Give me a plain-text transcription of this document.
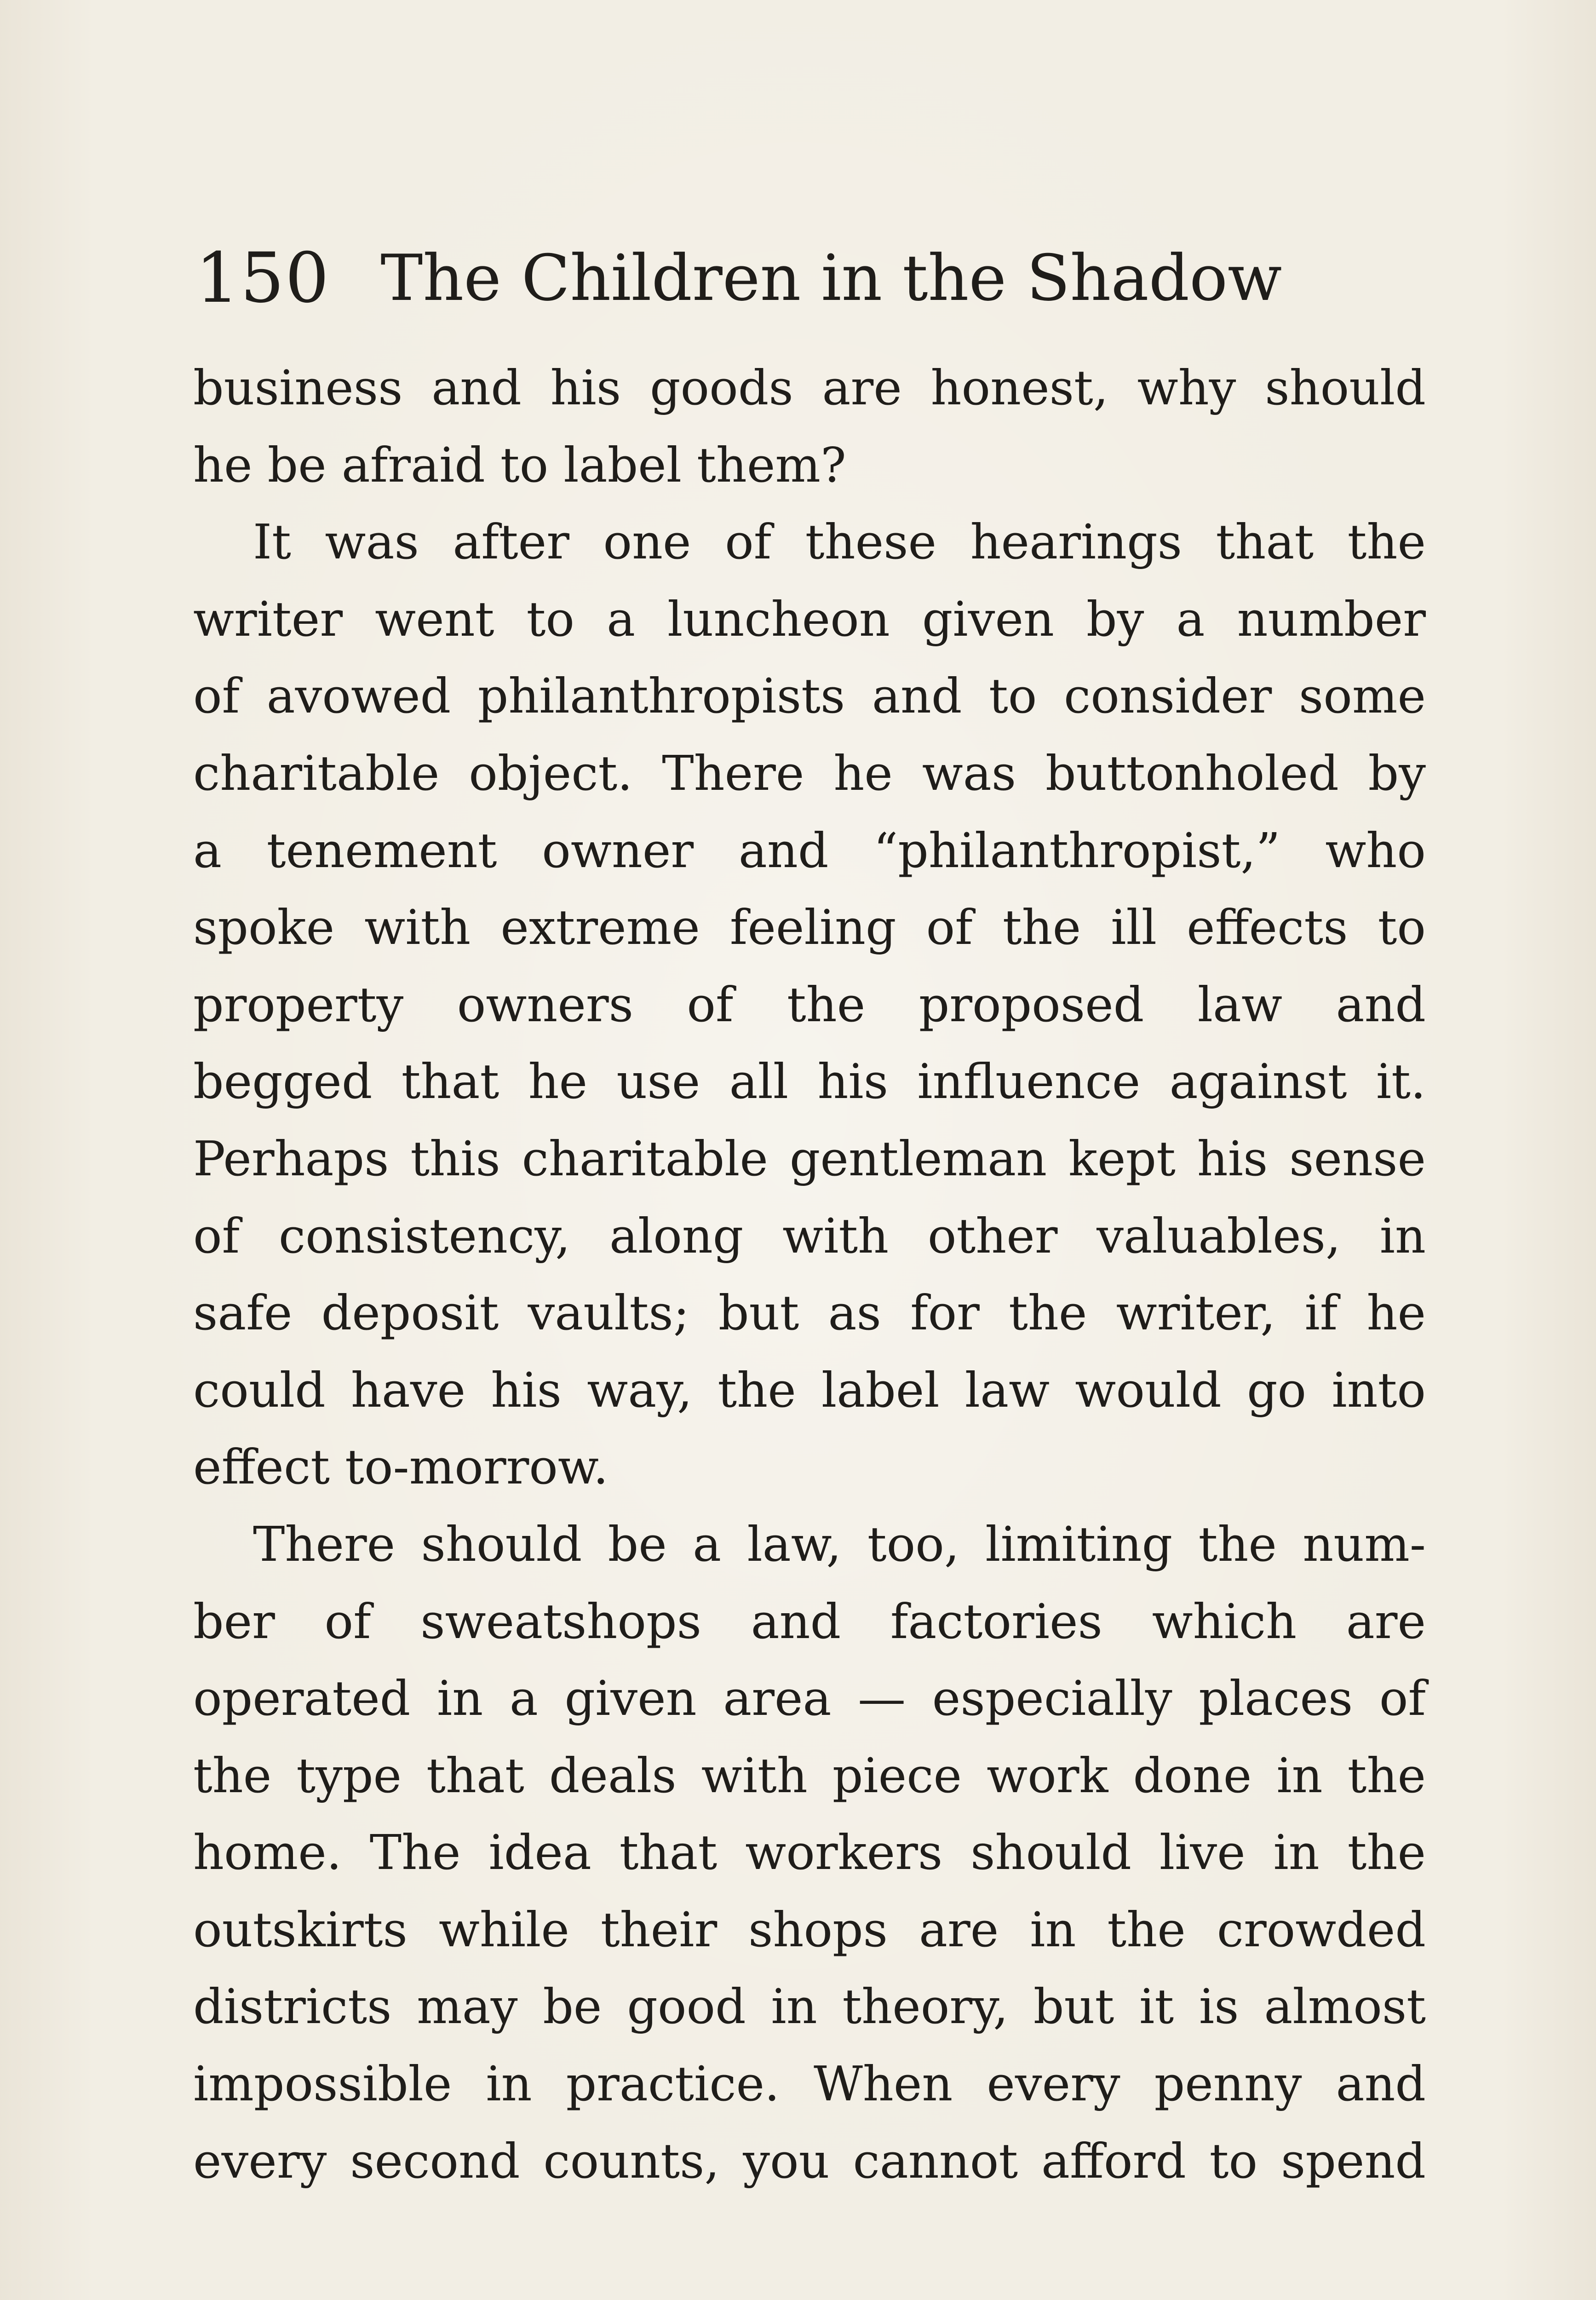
150 The Children in the Shadow
business and his goods are honest, why should
he be afraid to label them?
It was after one of these hearings that the
writer went to a luncheon given by a number
of avowed philanthropists and to consider some
charitable object. There he was buttonholed by
a tenement owner and “philanthropist,” who
spoke with extreme feeling of the ill effects to
property owners of the proposed law and
begged that he use all his influence against it.
Perhaps this charitable gentleman kept his sense
of consistency, along with other valuables, in
safe deposit vaults; but as for the writer, if he
could have his way, the label law would go into
effect to-morrow.
There should be a law, too, limiting the num-
ber of sweatshops and factories which are
operated in a given area — especially places of
the type that deals with piece work done in the
home. The idea that workers should live in the
outskirts while their shops are in the crowded
districts may be good in theory, but it is almost
impossible in practice. When every penny and
every second counts, you cannot afford to spend
